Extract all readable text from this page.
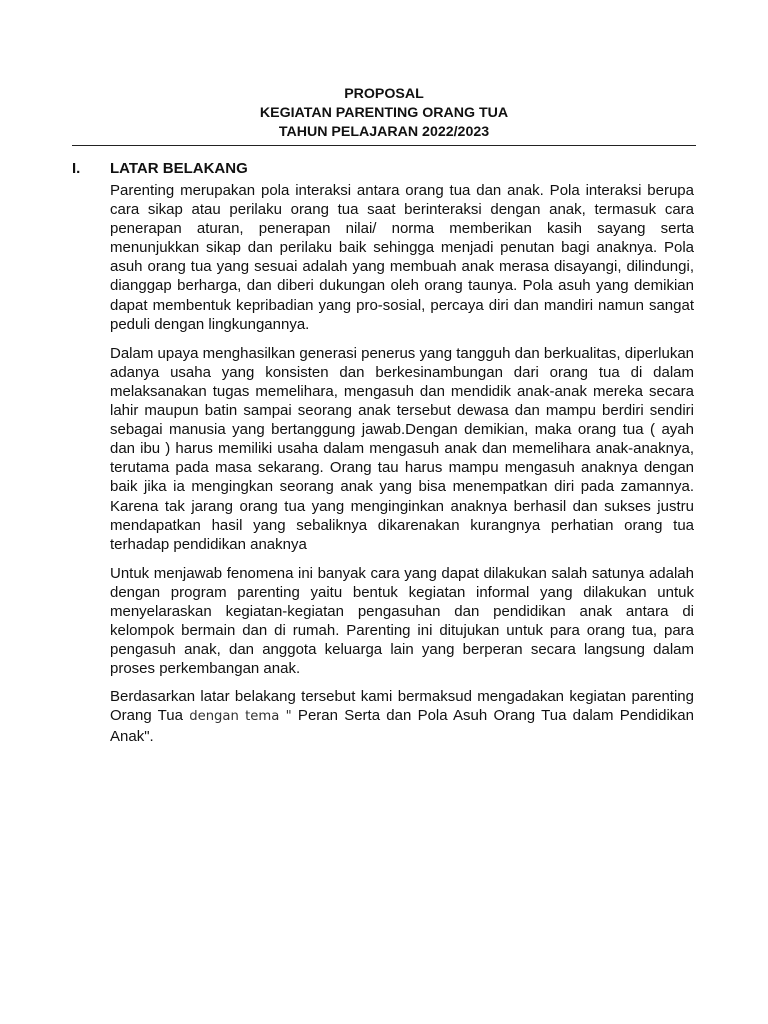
PROPOSAL
KEGIATAN PARENTING ORANG TUA
TAHUN PELAJARAN 2022/2023
I. LATAR BELAKANG

Parenting merupakan pola interaksi antara orang tua dan anak. Pola interaksi berupa cara sikap atau perilaku orang tua saat berinteraksi dengan anak, termasuk cara penerapan aturan, penerapan nilai/ norma memberikan kasih sayang serta menunjukkan sikap dan perilaku baik sehingga menjadi penutan bagi anaknya. Pola asuh orang tua yang sesuai adalah yang membuah anak merasa disayangi, dilindungi, dianggap berharga, dan diberi dukungan oleh orang taunya. Pola asuh yang demikian dapat membentuk kepribadian yang pro-sosial, percaya diri dan mandiri namun sangat peduli dengan lingkungannya.

Dalam upaya menghasilkan generasi penerus yang tangguh dan berkualitas, diperlukan adanya usaha yang konsisten dan berkesinambungan dari orang tua di dalam melaksanakan tugas memelihara, mengasuh dan mendidik anak-anak mereka secara lahir maupun batin sampai seorang anak tersebut dewasa dan mampu berdiri sendiri sebagai manusia yang bertanggung jawab.Dengan demikian, maka orang tua ( ayah dan ibu ) harus memiliki usaha dalam mengasuh anak dan memelihara anak-anaknya, terutama pada masa sekarang. Orang tau harus mampu mengasuh anaknya dengan baik jika ia mengingkan seorang anak yang bisa menempatkan diri pada zamannya. Karena tak jarang orang tua yang menginginkan anaknya berhasil dan sukses justru mendapatkan hasil yang sebaliknya dikarenakan kurangnya perhatian orang tua terhadap pendidikan anaknya

Untuk menjawab fenomena ini banyak cara yang dapat dilakukan salah satunya adalah dengan program parenting yaitu bentuk kegiatan informal yang dilakukan untuk menyelaraskan kegiatan-kegiatan pengasuhan dan pendidikan anak antara di kelompok bermain dan di rumah. Parenting ini ditujukan untuk para orang tua, para pengasuh anak, dan anggota keluarga lain yang berperan secara langsung dalam proses perkembangan anak.

Berdasarkan latar belakang tersebut kami bermaksud mengadakan kegiatan parenting Orang Tua dengan tema " Peran Serta dan Pola Asuh Orang Tua dalam Pendidikan Anak".
